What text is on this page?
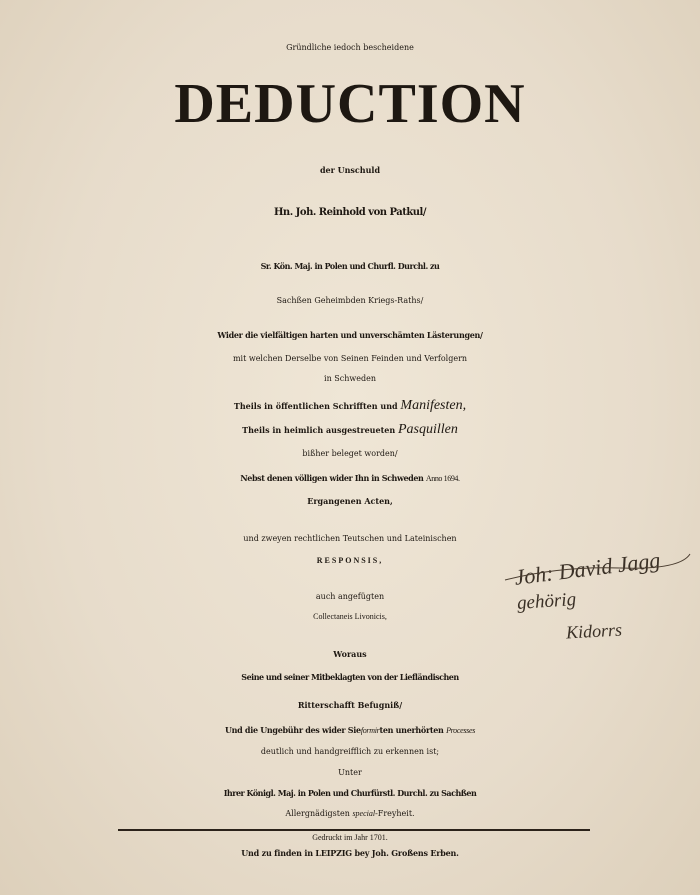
Gründliche iedoch bescheidene
DEDUCTION
der Unschuld
Hn. Joh. Reinhold von Patkul/
Sr. Kön. Maj. in Polen und Churfl. Durchl. zu
Sachßen Geheimbden Kriegs-Raths/
Wider die vielfältigen harten und unverschämten Lästerungen/
mit welchen Derselbe von Seinen Feinden und Verfolgern
in Schweden
Theils in öffentlichen Schrifften und Manifesten,
Theils in heimlich ausgestreueten Pasquillen
bißher beleget worden/
Nebst denen völligen wider Ihn in Schweden Anno 1694.
Ergangenen Acten,
und zweyen rechtlichen Teutschen und Lateinischen
RESPONSIS,
auch angefügten
Collectaneis Livonicis,
Woraus
Seine und seiner Mitbeklagten von der Liefländischen
Ritterschafft Befugniß/
Und die Ungebühr des wider Sieformirten unerhörten Processes
deutlich und handgreifflich zu erkennen ist;
Unter
Ihrer Königl. Maj. in Polen und Churfürstl. Durchl. zu Sachßen
Allergnädigsten special-Freyheit.
Gedruckt im Jahr 1701.
Und zu finden in LEIPZIG bey Joh. Großens Erben.
Joh: David Jagg
gehörig
Kidorrs
